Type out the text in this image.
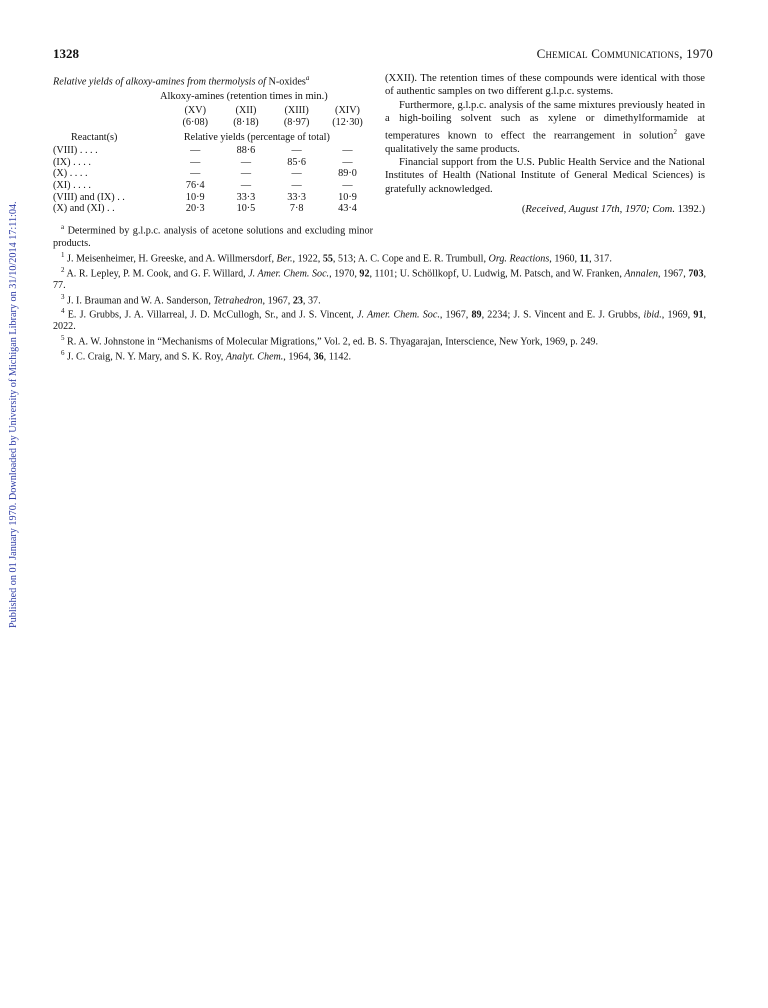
Published on 01 January 1970. Downloaded by University of Michigan Library on 31/10/2014 17:11:04.
1328	Chemical Communications, 1970
Relative yields of alkoxy-amines from thermolysis of N-oxides$^a$
Alkoxy-amines (retention times in min.)
	(XV)	(XII)	(XIII)	(XIV)
	(6·08)	(8·18)	(8·97)	(12·30)
Reactant(s)	Relative yields (percentage of total)			
(VIII) . . . .	—	88·6	—	—
(IX) . . . .	—	—	85·6	—
(X) . . . .	—	—	—	89·0
(XI) . . . .	76·4	—	—	—
(VIII) and (IX) . .	10·9	33·3	33·3	10·9
(X) and (XI) . .	20·3	10·5	7·8	43·4
$^a$ Determined by g.l.p.c. analysis of acetone solutions and excluding minor products.

(XXII). The retention times of these compounds were identical with those of authentic samples on two different g.l.p.c. systems.

Furthermore, g.l.p.c. analysis of the same mixtures previously heated in a high-boiling solvent such as xylene or dimethylformamide at temperatures known to effect the rearrangement in solution$^2$ gave qualitatively the same products.

Financial support from the U.S. Public Health Service and the National Institutes of Health (National Institute of General Medical Sciences) is gratefully acknowledged.

(Received, August 17th, 1970; Com. 1392.)

$^1$ J. Meisenheimer, H. Greeske, and A. Willmersdorf, Ber., 1922, 55, 513; A. C. Cope and E. R. Trumbull, Org. Reactions, 1960, 11, 317.
$^2$ A. R. Lepley, P. M. Cook, and G. F. Willard, J. Amer. Chem. Soc., 1970, 92, 1101; U. Schöllkopf, U. Ludwig, M. Patsch, and W. Franken, Annalen, 1967, 703, 77.
$^3$ J. I. Brauman and W. A. Sanderson, Tetrahedron, 1967, 23, 37.
$^4$ E. J. Grubbs, J. A. Villarreal, J. D. McCullogh, Sr., and J. S. Vincent, J. Amer. Chem. Soc., 1967, 89, 2234; J. S. Vincent and E. J. Grubbs, ibid., 1969, 91, 2022.
$^5$ R. A. W. Johnstone in “Mechanisms of Molecular Migrations,” Vol. 2, ed. B. S. Thyagarajan, Interscience, New York, 1969, p. 249.
$^6$ J. C. Craig, N. Y. Mary, and S. K. Roy, Analyt. Chem., 1964, 36, 1142.
